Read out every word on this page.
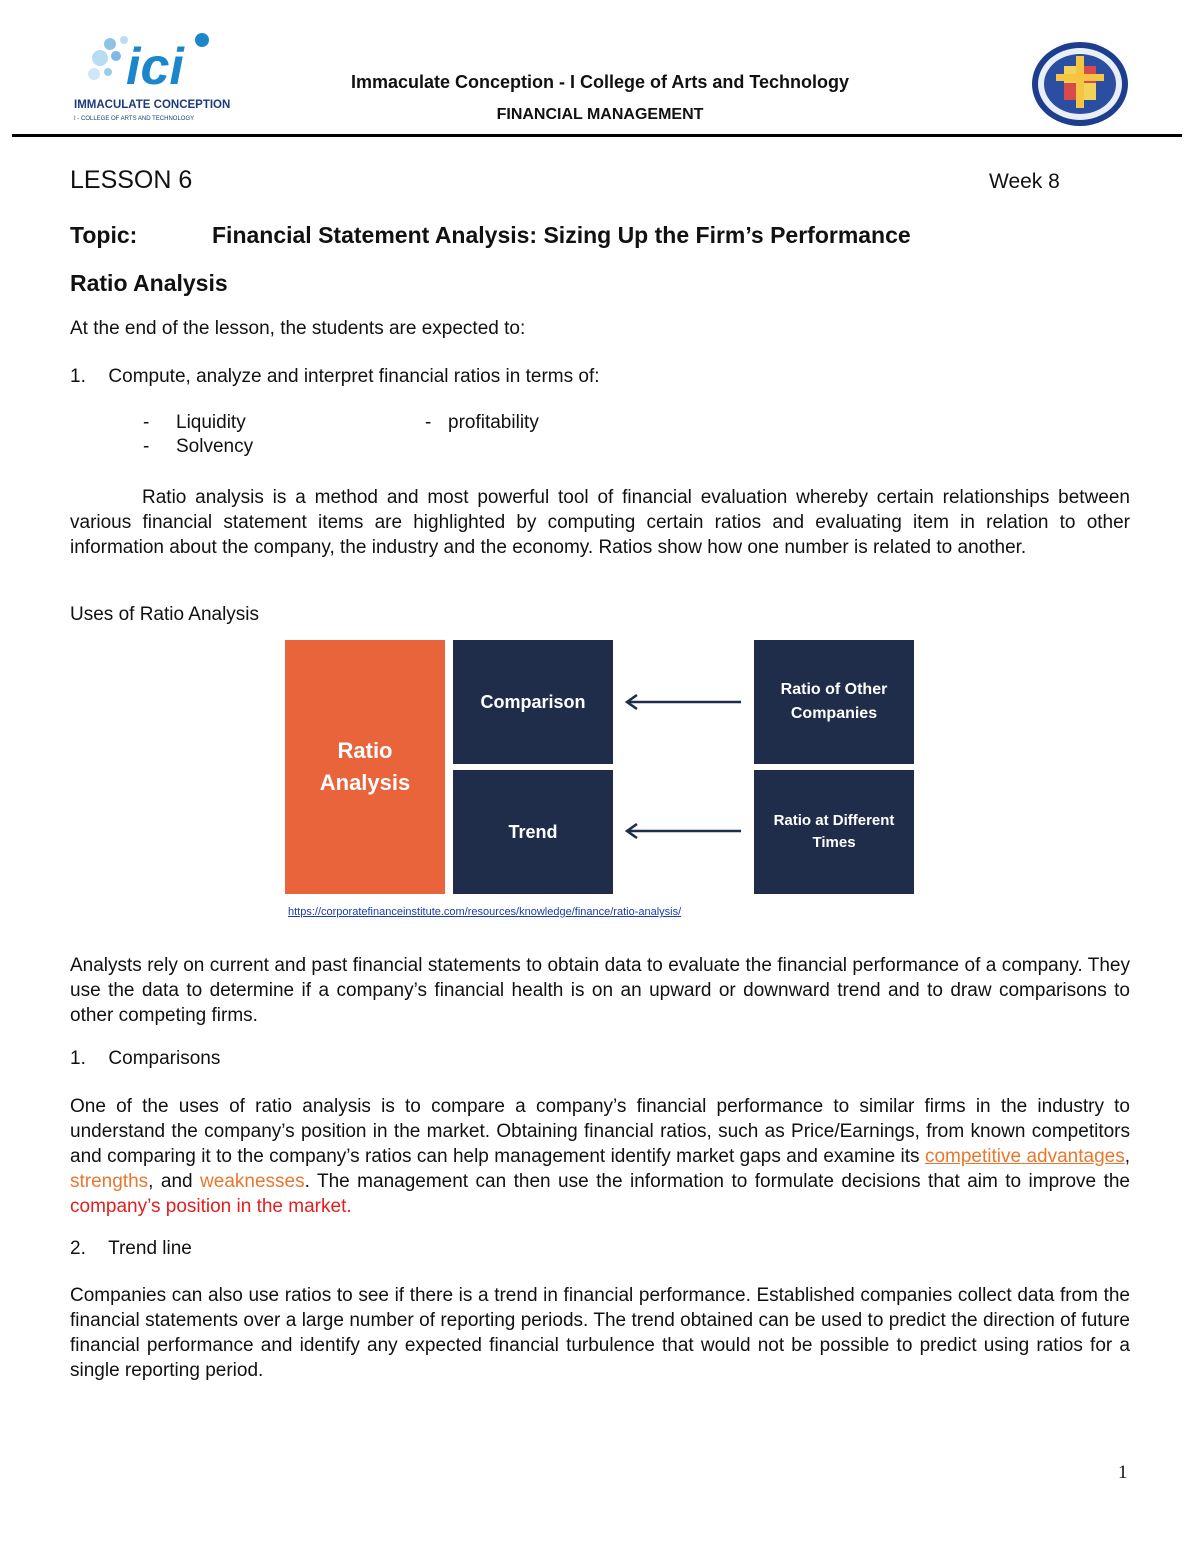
ici
IMMACULATE CONCEPTION
I - COLLEGE OF ARTS AND TECHNOLOGY
Immaculate Conception - I College of Arts and Technology
FINANCIAL MANAGEMENT
LESSON 6	Week 8
Topic:	Financial Statement Analysis: Sizing Up the Firm’s Performance
Ratio Analysis
At the end of the lesson, the students are expected to:
1. Compute, analyze and interpret financial ratios in terms of:
- Liquidity	- profitability
- Solvency
Ratio analysis is a method and most powerful tool of financial evaluation whereby certain relationships between various financial statement items are highlighted by computing certain ratios and evaluating item in relation to other information about the company, the industry and the economy. Ratios show how one number is related to another.
Uses of Ratio Analysis
Ratio
Analysis
Comparison
Trend
Ratio of Other
Companies
Ratio at Different
Times
https://corporatefinanceinstitute.com/resources/knowledge/finance/ratio-analysis/
Analysts rely on current and past financial statements to obtain data to evaluate the financial performance of a company. They use the data to determine if a company’s financial health is on an upward or downward trend and to draw comparisons to other competing firms.
1. Comparisons
One of the uses of ratio analysis is to compare a company’s financial performance to similar firms in the industry to understand the company’s position in the market. Obtaining financial ratios, such as Price/Earnings, from known competitors and comparing it to the company’s ratios can help management identify market gaps and examine its competitive advantages, strengths, and weaknesses. The management can then use the information to formulate decisions that aim to improve the company’s position in the market.
2. Trend line
Companies can also use ratios to see if there is a trend in financial performance. Established companies collect data from the financial statements over a large number of reporting periods. The trend obtained can be used to predict the direction of future financial performance and identify any expected financial turbulence that would not be possible to predict using ratios for a single reporting period.
1
